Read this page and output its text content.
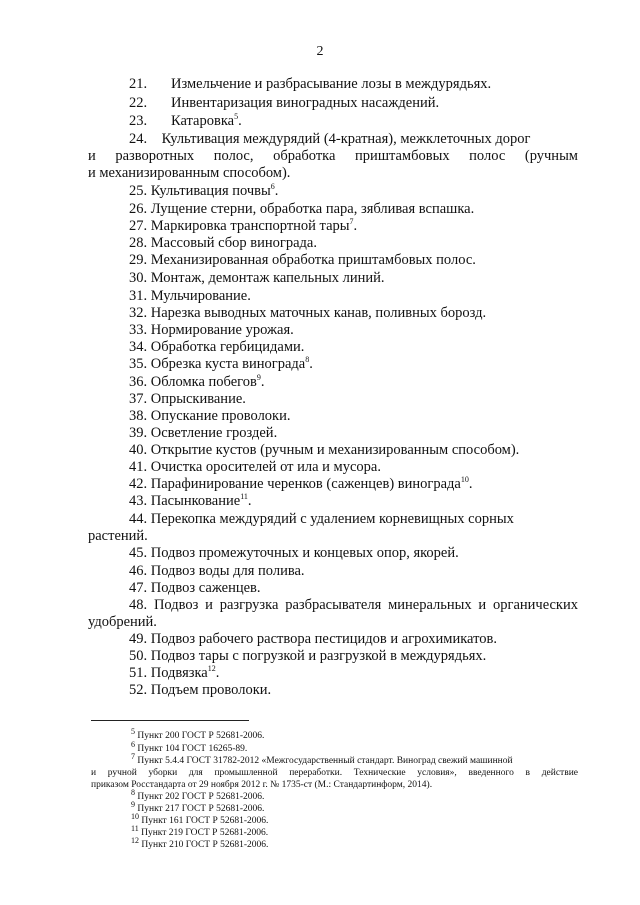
2
21. Измельчение и разбрасывание лозы в междурядьях.
22. Инвентаризация виноградных насаждений.
23. Катаровка$^5$.
24.    Культивация междурядий (4-кратная), межклеточных дорог
и    разворотных    полос,    обработка    приштамбовых    полос    (ручным
и механизированным способом).
25. Культивация почвы$^6$.
26. Лущение стерни, обработка пара, зябливая вспашка.
27. Маркировка транспортной тары$^7$.
28. Массовый сбор винограда.
29. Механизированная обработка приштамбовых полос.
30. Монтаж, демонтаж капельных линий.
31. Мульчирование.
32. Нарезка выводных маточных канав, поливных борозд.
33. Нормирование урожая.
34. Обработка гербицидами.
35. Обрезка куста винограда$^8$.
36. Обломка побегов$^9$.
37. Опрыскивание.
38. Опускание проволоки.
39. Осветление гроздей.
40. Открытие кустов (ручным и механизированным способом).
41. Очистка оросителей от ила и мусора.
42. Парафинирование черенков (саженцев) винограда$^{10}$.
43. Пасынкование$^{11}$.
44. Перекопка междурядий с удалением корневищных сорных
растений.
45. Подвоз промежуточных и концевых опор, якорей.
46. Подвоз воды для полива.
47. Подвоз саженцев.
48. Подвоз и разгрузка разбрасывателя минеральных и органических
удобрений.
49. Подвоз рабочего раствора пестицидов и агрохимикатов.
50. Подвоз тары с погрузкой и разгрузкой в междурядьях.
51. Подвязка$^{12}$.
52. Подъем проволоки.
$^5$ Пункт 200 ГОСТ Р 52681-2006.
$^6$ Пункт 104 ГОСТ 16265-89.
$^7$ Пункт 5.4.4 ГОСТ 31782-2012 «Межгосударственный стандарт. Виноград свежий машинной
и ручной уборки для промышленной переработки. Технические условия», введенного в действие
приказом Росстандарта от 29 ноября 2012 г. № 1735-ст (М.: Стандартинформ, 2014).
$^8$ Пункт 202 ГОСТ Р 52681-2006.
$^9$ Пункт 217 ГОСТ Р 52681-2006.
$^{10}$ Пункт 161 ГОСТ Р 52681-2006.
$^{11}$ Пункт 219 ГОСТ Р 52681-2006.
$^{12}$ Пункт 210 ГОСТ Р 52681-2006.
